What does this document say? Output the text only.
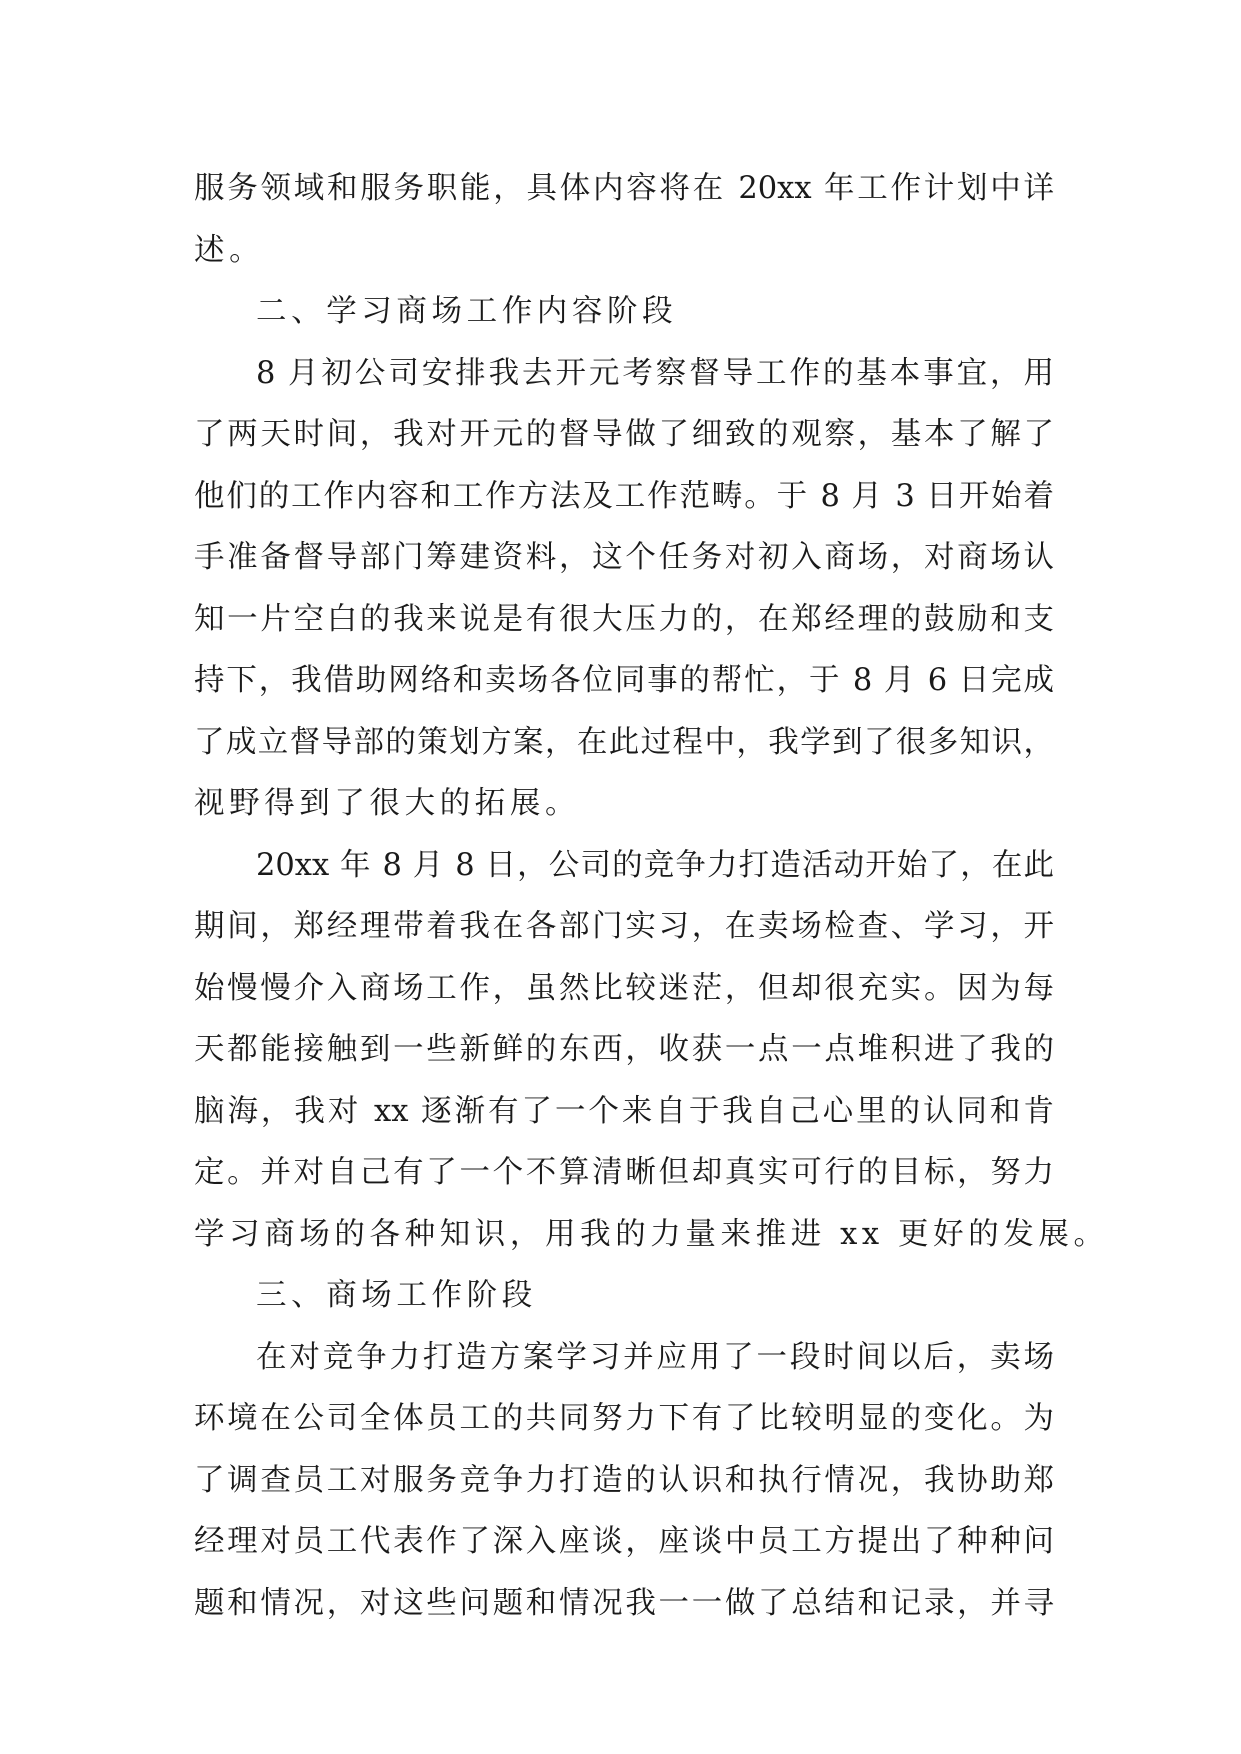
服务领域和服务职能，具体内容将在 20xx 年工作计划中详
述。
二、学习商场工作内容阶段
8 月初公司安排我去开元考察督导工作的基本事宜，用
了两天时间，我对开元的督导做了细致的观察，基本了解了
他们的工作内容和工作方法及工作范畴。于 8 月 3 日开始着
手准备督导部门筹建资料，这个任务对初入商场，对商场认
知一片空白的我来说是有很大压力的，在郑经理的鼓励和支
持下，我借助网络和卖场各位同事的帮忙，于 8 月 6 日完成
了成立督导部的策划方案，在此过程中，我学到了很多知识，
视野得到了很大的拓展。
20xx 年 8 月 8 日，公司的竞争力打造活动开始了，在此
期间，郑经理带着我在各部门实习，在卖场检查、学习，开
始慢慢介入商场工作，虽然比较迷茫，但却很充实。因为每
天都能接触到一些新鲜的东西，收获一点一点堆积进了我的
脑海，我对 xx 逐渐有了一个来自于我自己心里的认同和肯
定。并对自己有了一个不算清晰但却真实可行的目标，努力
学习商场的各种知识，用我的力量来推进 xx 更好的发展。
三、商场工作阶段
在对竞争力打造方案学习并应用了一段时间以后，卖场
环境在公司全体员工的共同努力下有了比较明显的变化。为
了调查员工对服务竞争力打造的认识和执行情况，我协助郑
经理对员工代表作了深入座谈，座谈中员工方提出了种种问
题和情况，对这些问题和情况我一一做了总结和记录，并寻
